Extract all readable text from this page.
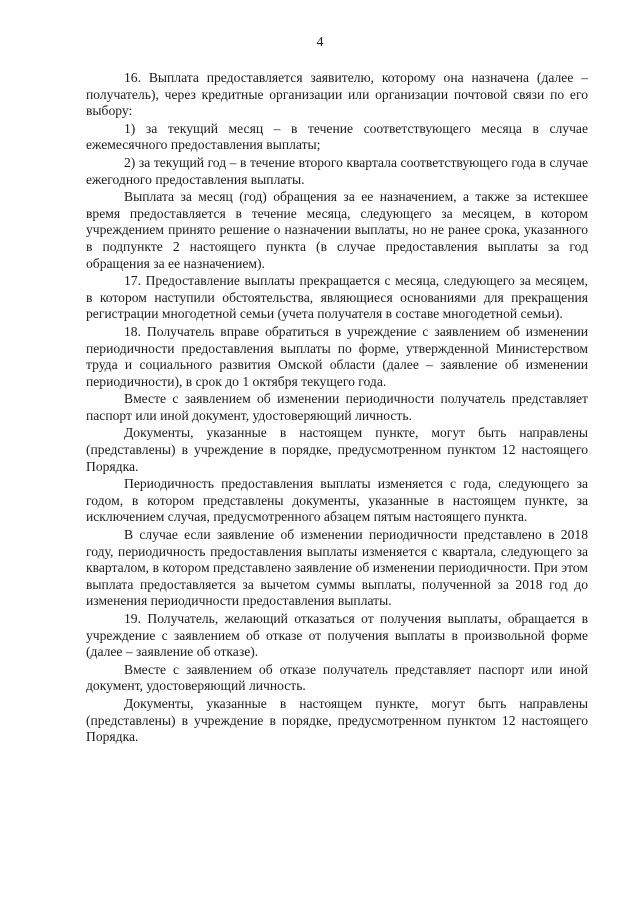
4

16. Выплата предоставляется заявителю, которому она назначена (далее – получатель), через кредитные организации или организации почтовой связи по его выбору:

1) за текущий месяц – в течение соответствующего месяца в случае ежемесячного предоставления выплаты;

2) за текущий год – в течение второго квартала соответствующего года в случае ежегодного предоставления выплаты.

Выплата за месяц (год) обращения за ее назначением, а также за истекшее время предоставляется в течение месяца, следующего за месяцем, в котором учреждением принято решение о назначении выплаты, но не ранее срока, указанного в подпункте 2 настоящего пункта (в случае предоставления выплаты за год обращения за ее назначением).

17. Предоставление выплаты прекращается с месяца, следующего за месяцем, в котором наступили обстоятельства, являющиеся основаниями для прекращения регистрации многодетной семьи (учета получателя в составе многодетной семьи).

18. Получатель вправе обратиться в учреждение с заявлением об изменении периодичности предоставления выплаты по форме, утвержденной Министерством труда и социального развития Омской области (далее – заявление об изменении периодичности), в срок до 1 октября текущего года.

Вместе с заявлением об изменении периодичности получатель представляет паспорт или иной документ, удостоверяющий личность.

Документы, указанные в настоящем пункте, могут быть направлены (представлены) в учреждение в порядке, предусмотренном пунктом 12 настоящего Порядка.

Периодичность предоставления выплаты изменяется с года, следующего за годом, в котором представлены документы, указанные в настоящем пункте, за исключением случая, предусмотренного абзацем пятым настоящего пункта.

В случае если заявление об изменении периодичности представлено в 2018 году, периодичность предоставления выплаты изменяется с квартала, следующего за кварталом, в котором представлено заявление об изменении периодичности. При этом выплата предоставляется за вычетом суммы выплаты, полученной за 2018 год до изменения периодичности предоставления выплаты.

19. Получатель, желающий отказаться от получения выплаты, обращается в учреждение с заявлением об отказе от получения выплаты в произвольной форме (далее – заявление об отказе).

Вместе с заявлением об отказе получатель представляет паспорт или иной документ, удостоверяющий личность.

Документы, указанные в настоящем пункте, могут быть направлены (представлены) в учреждение в порядке, предусмотренном пунктом 12 настоящего Порядка.
